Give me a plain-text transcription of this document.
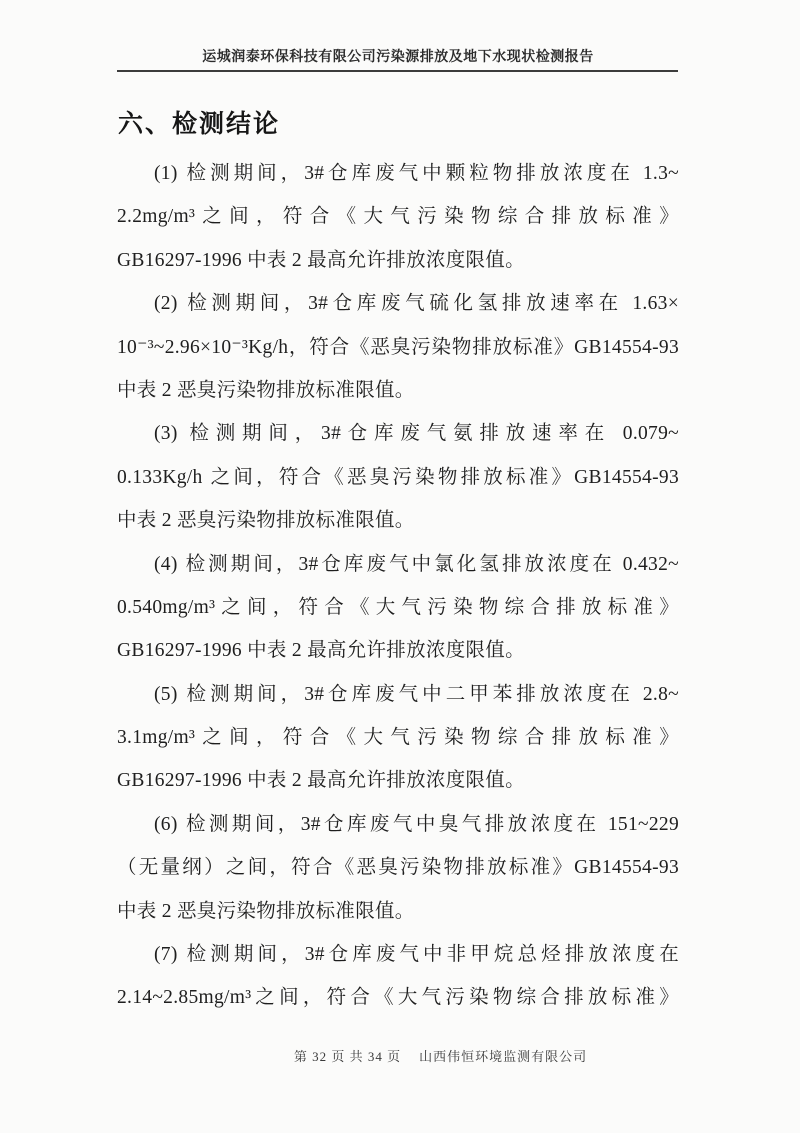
运城润泰环保科技有限公司污染源排放及地下水现状检测报告
六、检测结论
(1) 检测期间，3#仓库废气中颗粒物排放浓度在 1.3~
2.2mg/m³之间，符合《大气污染物综合排放标准》
GB16297-1996 中表 2 最高允许排放浓度限值。
(2) 检测期间，3#仓库废气硫化氢排放速率在 1.63×
10⁻³~2.96×10⁻³Kg/h，符合《恶臭污染物排放标准》GB14554-93
中表 2 恶臭污染物排放标准限值。
(3) 检测期间，3#仓库废气氨排放速率在 0.079~
0.133Kg/h 之间，符合《恶臭污染物排放标准》GB14554-93
中表 2 恶臭污染物排放标准限值。
(4) 检测期间，3#仓库废气中氯化氢排放浓度在 0.432~
0.540mg/m³之间，符合《大气污染物综合排放标准》
GB16297-1996 中表 2 最高允许排放浓度限值。
(5) 检测期间，3#仓库废气中二甲苯排放浓度在 2.8~
3.1mg/m³之间，符合《大气污染物综合排放标准》
GB16297-1996 中表 2 最高允许排放浓度限值。
(6) 检测期间，3#仓库废气中臭气排放浓度在 151~229
（无量纲）之间，符合《恶臭污染物排放标准》GB14554-93
中表 2 恶臭污染物排放标准限值。
(7) 检测期间，3#仓库废气中非甲烷总烃排放浓度在
2.14~2.85mg/m³之间，符合《大气污染物综合排放标准》
第 32 页 共 34 页 山西伟恒环境监测有限公司
